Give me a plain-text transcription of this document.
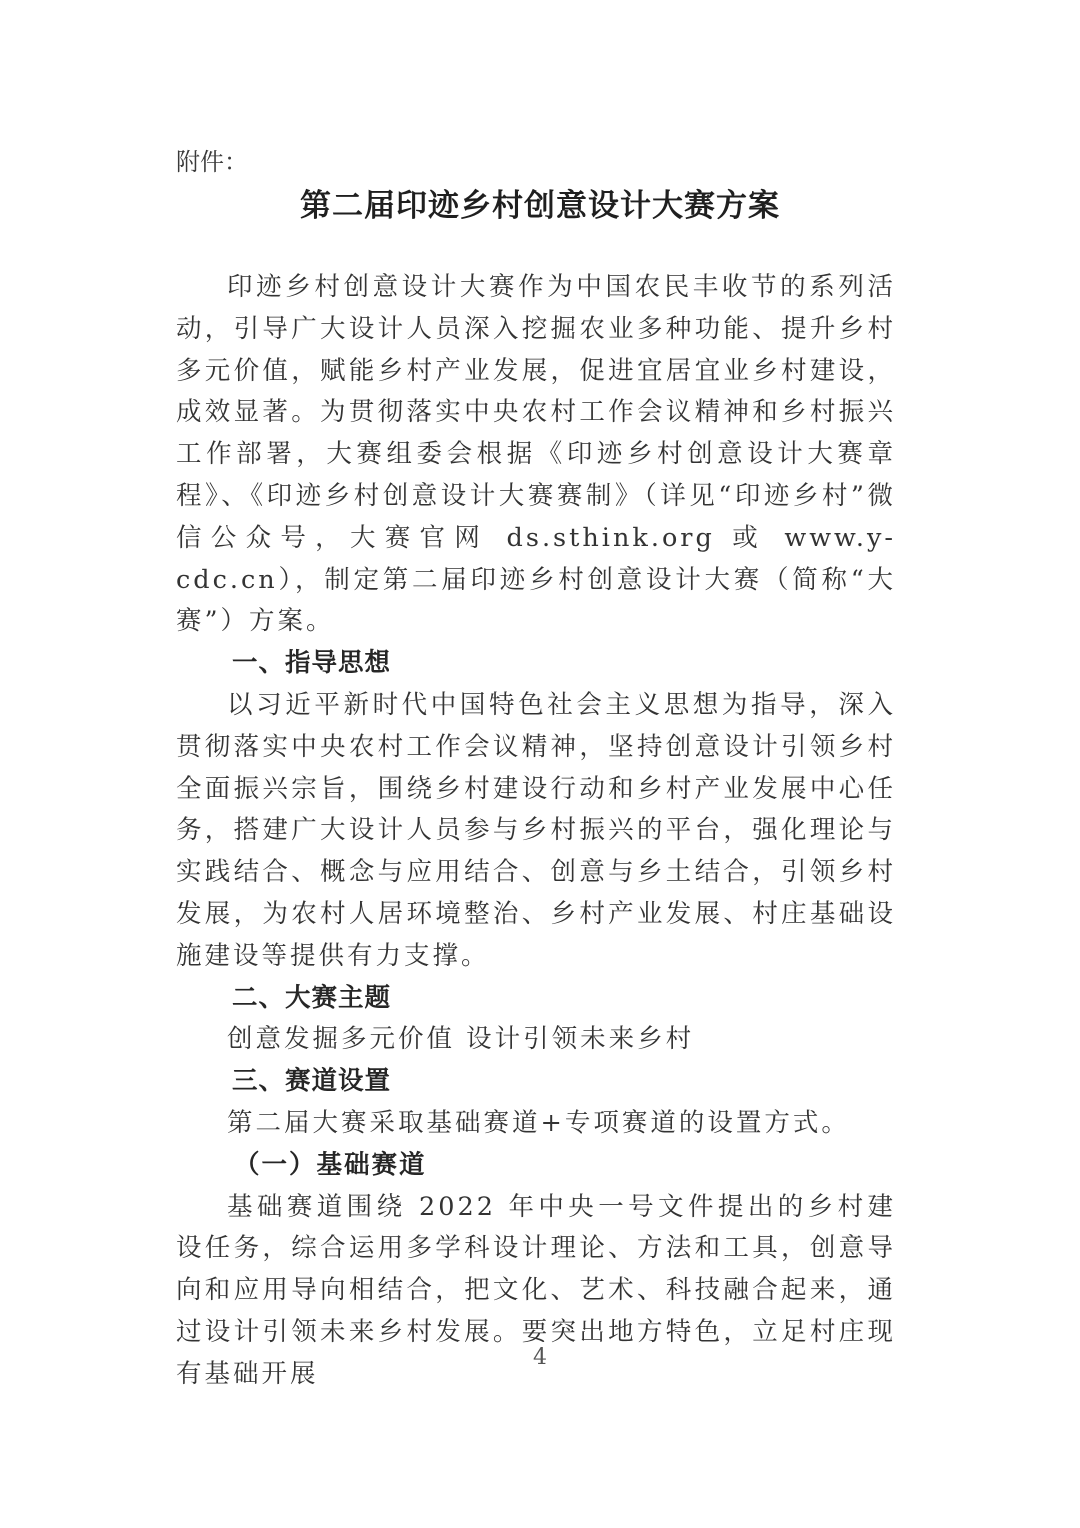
附件：
第二届印迹乡村创意设计大赛方案

印迹乡村创意设计大赛作为中国农民丰收节的系列活动，引导广大设计人员深入挖掘农业多种功能、提升乡村多元价值，赋能乡村产业发展，促进宜居宜业乡村建设，成效显著。为贯彻落实中央农村工作会议精神和乡村振兴工作部署，大赛组委会根据《印迹乡村创意设计大赛章程》、《印迹乡村创意设计大赛赛制》（详见“印迹乡村”微信公众号，大赛官网 ds.sthink.org 或 www.y-cdc.cn），制定第二届印迹乡村创意设计大赛（简称“大赛”）方案。

一、指导思想

以习近平新时代中国特色社会主义思想为指导，深入贯彻落实中央农村工作会议精神，坚持创意设计引领乡村全面振兴宗旨，围绕乡村建设行动和乡村产业发展中心任务，搭建广大设计人员参与乡村振兴的平台，强化理论与实践结合、概念与应用结合、创意与乡土结合，引领乡村发展，为农村人居环境整治、乡村产业发展、村庄基础设施建设等提供有力支撑。

二、大赛主题

创意发掘多元价值 设计引领未来乡村

三、赛道设置

第二届大赛采取基础赛道+专项赛道的设置方式。

（一）基础赛道

基础赛道围绕 2022 年中央一号文件提出的乡村建设任务，综合运用多学科设计理论、方法和工具，创意导向和应用导向相结合，把文化、艺术、科技融合起来，通过设计引领未来乡村发展。要突出地方特色，立足村庄现有基础开展

4
